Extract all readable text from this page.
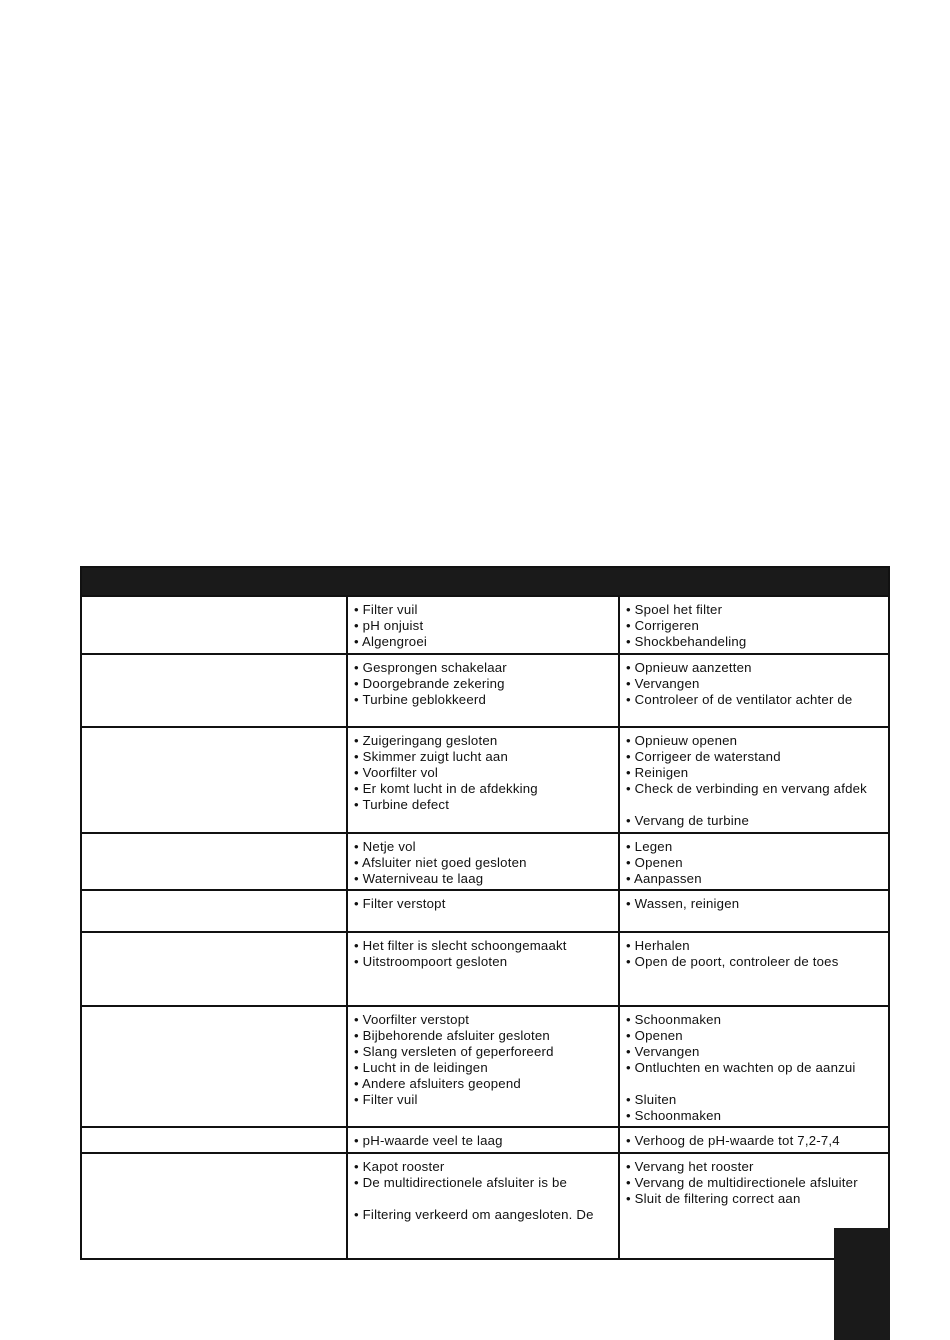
• Filter vuil
• pH onjuist
• Algengroei
• Spoel het filter
• Corrigeren
• Shockbehandeling
• Gesprongen schakelaar
• Doorgebrande zekering
• Turbine geblokkeerd
• Opnieuw aanzetten
• Vervangen
• Controleer of de ventilator achter de
• Zuigeringang gesloten
• Skimmer zuigt lucht aan
• Voorfilter vol
• Er komt lucht in de afdekking
• Turbine defect
• Opnieuw openen
• Corrigeer de waterstand
• Reinigen
• Check de verbinding en vervang afdek
• Vervang de turbine
• Netje vol
• Afsluiter niet goed gesloten
• Waterniveau te laag
• Legen
• Openen
• Aanpassen
• Filter verstopt	• Wassen, reinigen
• Het filter is slecht schoongemaakt
• Uitstroompoort gesloten
• Herhalen
• Open de poort, controleer de toes
• Voorfilter verstopt
• Bijbehorende afsluiter gesloten
• Slang versleten of geperforeerd
• Lucht in de leidingen
• Andere afsluiters geopend
• Filter vuil
• Schoonmaken
• Openen
• Vervangen
• Ontluchten en wachten op de aanzui
• Sluiten
• Schoonmaken
• pH-waarde veel te laag	• Verhoog de pH-waarde tot 7,2-7,4
• Kapot rooster
• De multidirectionele afsluiter is be
• Filtering verkeerd om aangesloten. De
• Vervang het rooster
• Vervang de multidirectionele afsluiter
• Sluit de filtering correct aan
